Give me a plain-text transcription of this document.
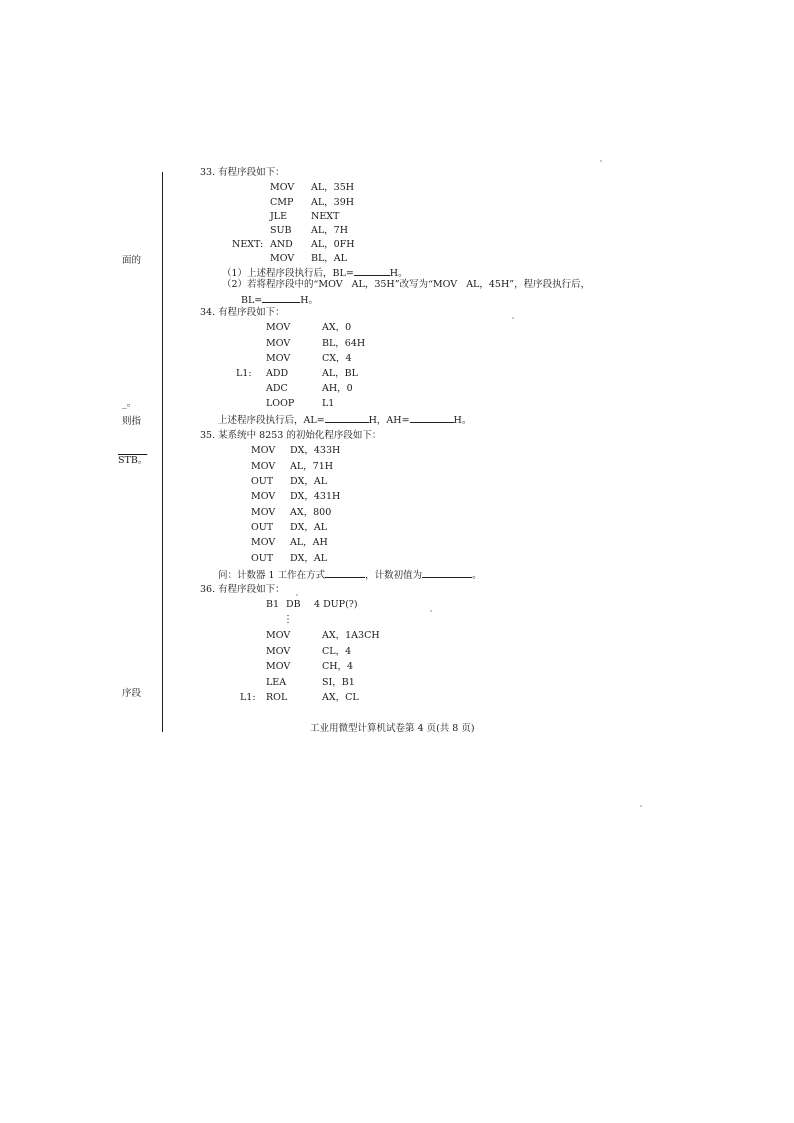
面的
_。
则指
STB。
序段
33. 有程序段如下：
MOV AL，35H
CMP AL，39H
JLE	NEXT
SUB AL，7H
NEXT: AND AL，0FH
MOV BL，AL
（1）上述程序段执行后，BL=	H。
（2）若将程序段中的“MOV   AL，35H”改写为“MOV   AL，45H”，程序段执行后，
BL=	H。
34. 有程序段如下：
MOV	AX，0
MOV	BL，64H
MOV	CX，4
L1: ADD	AL，BL
ADC	AH，0
LOOP	L1
上述程序段执行后，AL=	H，AH=	H。
35. 某系统中 8253 的初始化程序段如下：
MOV DX，433H
MOV AL，71H
OUT DX，AL
MOV DX，431H
MOV AX，800
OUT DX，AL
MOV AL，AH
OUT DX，AL
问：计数器 1 工作在方式	，计数初值为	。
36. 有程序段如下：
B1 DB 4 DUP(?)
⋮
MOV	AX，1A3CH
MOV	CL，4
MOV	CH，4
LEA	SI，B1
L1: ROL	AX，CL
工业用微型计算机试卷第 4 页(共 8 页)
